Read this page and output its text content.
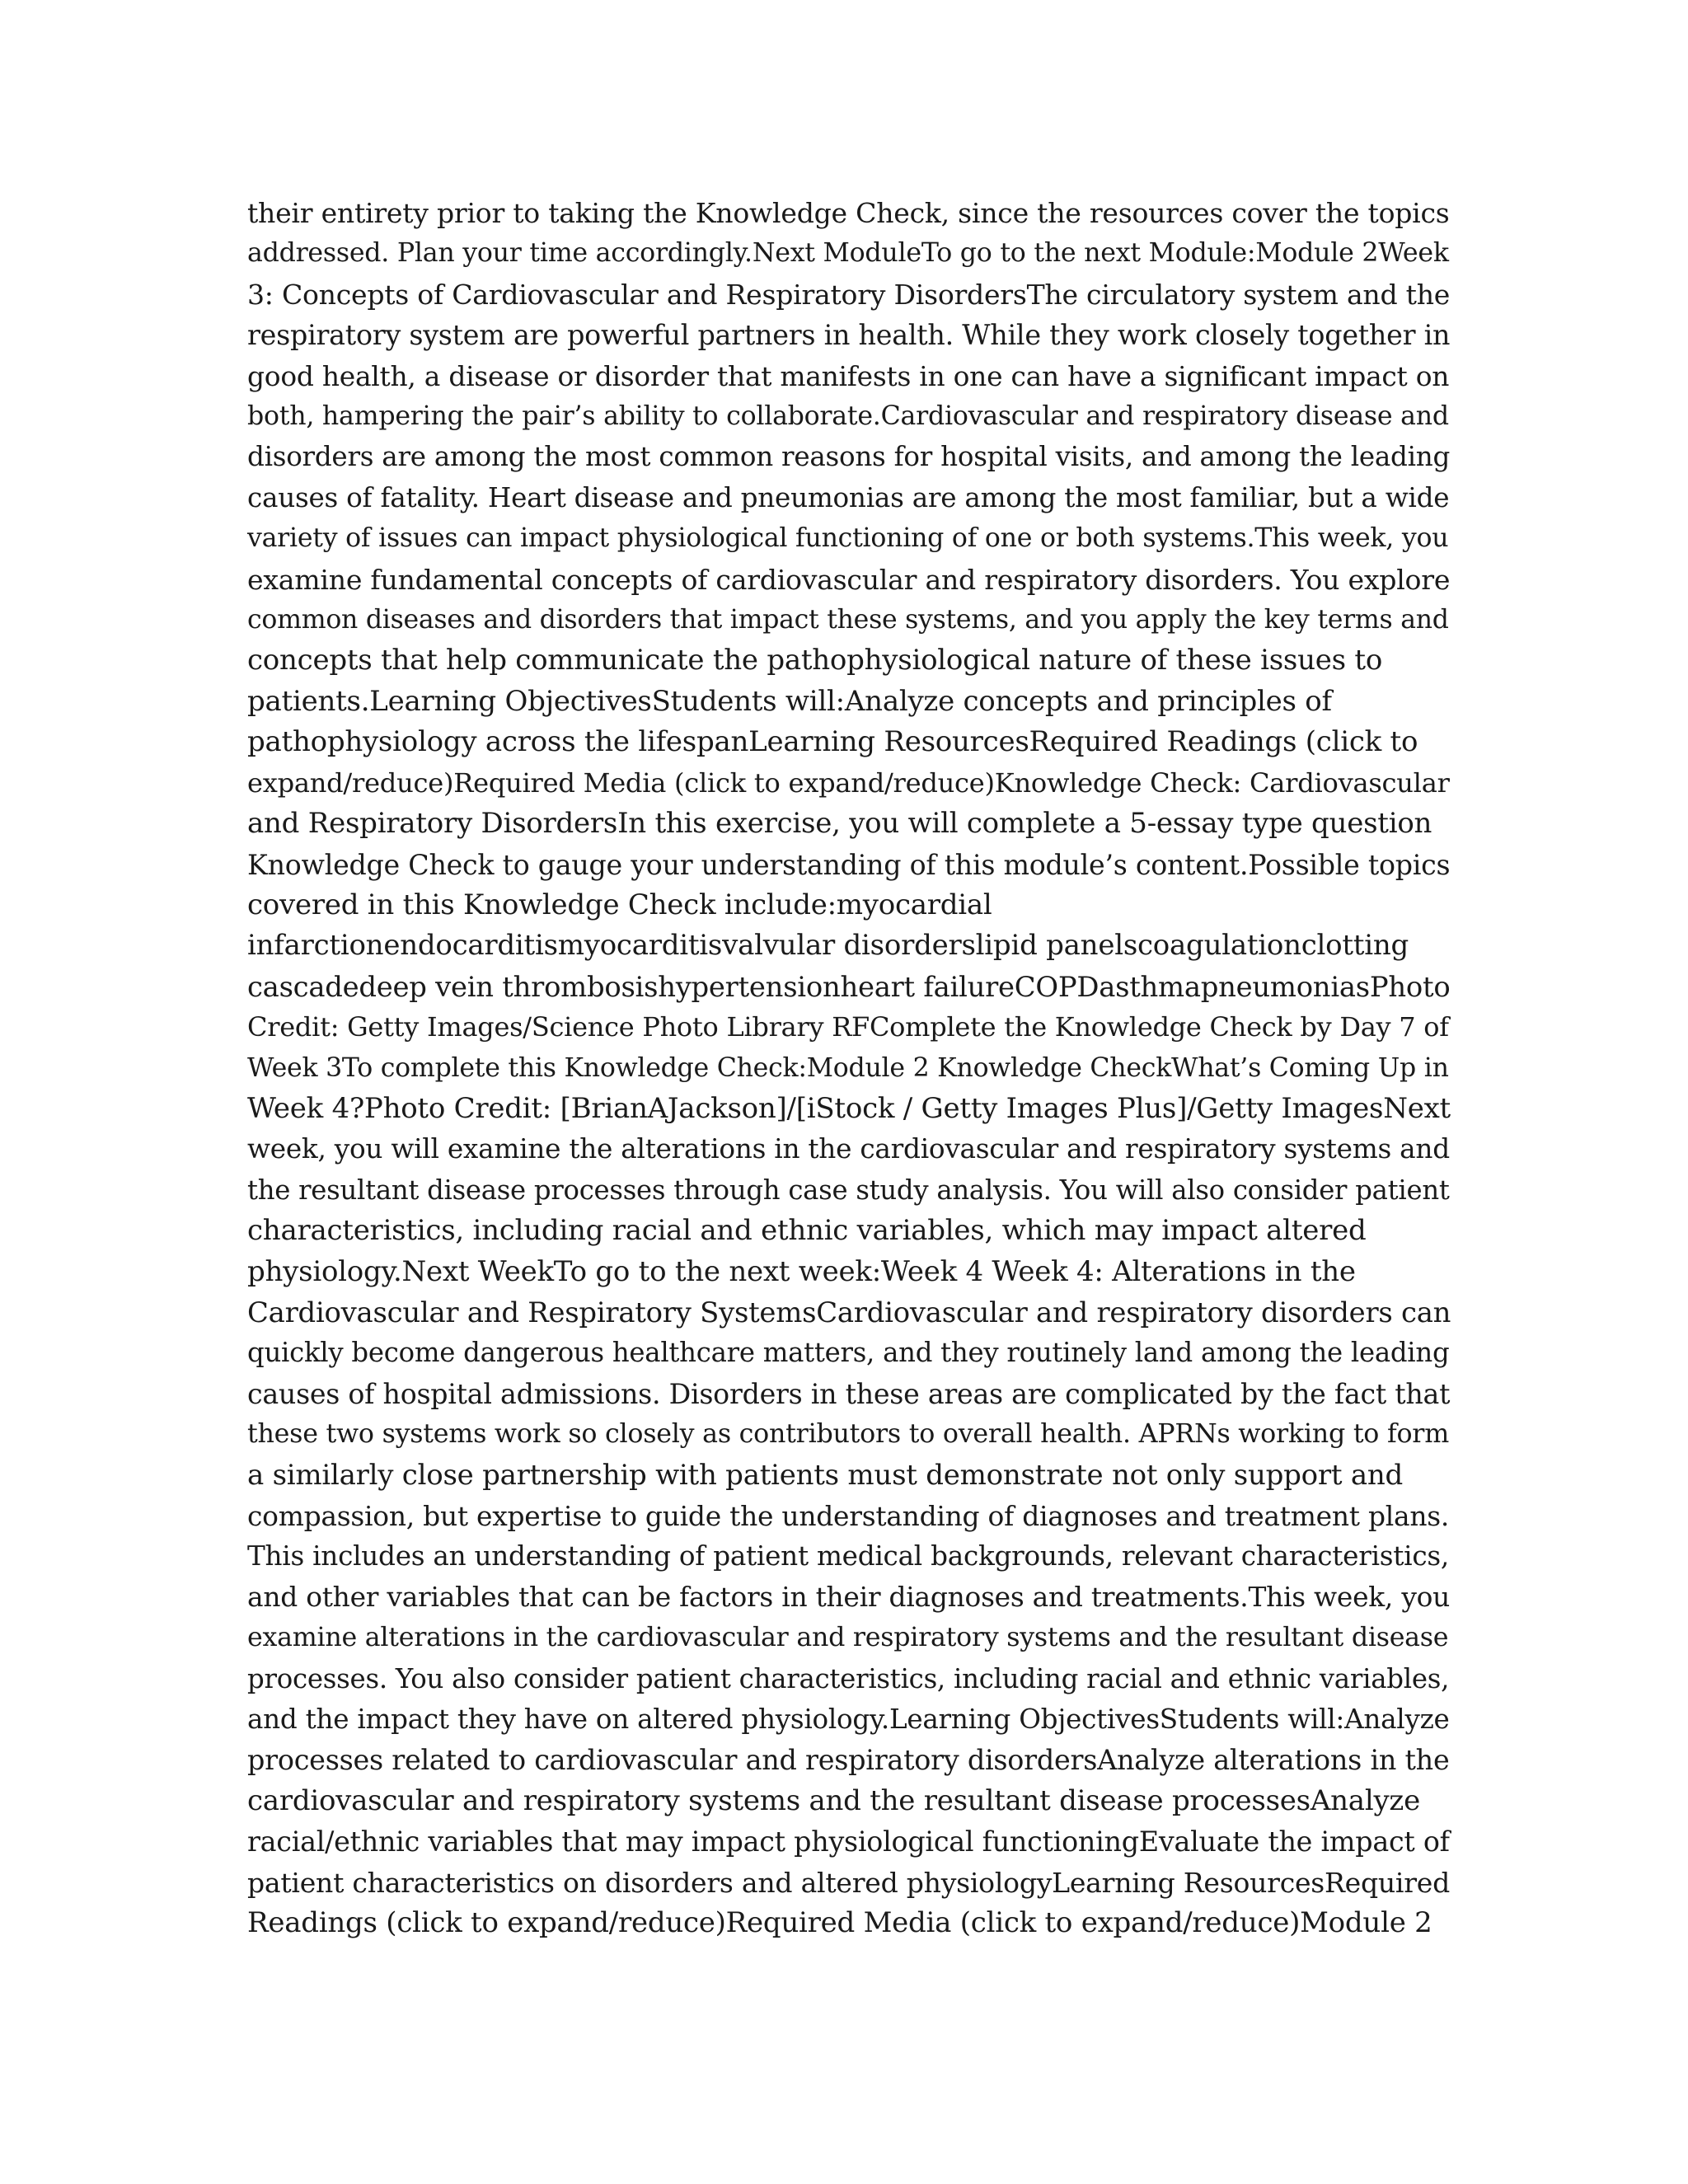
their entirety prior to taking the Knowledge Check, since the resources cover the topics
addressed. Plan your time accordingly.Next ModuleTo go to the next Module:Module 2Week
3: Concepts of Cardiovascular and Respiratory DisordersThe circulatory system and the
respiratory system are powerful partners in health. While they work closely together in
good health, a disease or disorder that manifests in one can have a significant impact on
both, hampering the pair’s ability to collaborate.Cardiovascular and respiratory disease and
disorders are among the most common reasons for hospital visits, and among the leading
causes of fatality. Heart disease and pneumonias are among the most familiar, but a wide
variety of issues can impact physiological functioning of one or both systems.This week, you
examine fundamental concepts of cardiovascular and respiratory disorders. You explore
common diseases and disorders that impact these systems, and you apply the key terms and
concepts that help communicate the pathophysiological nature of these issues to
patients.Learning ObjectivesStudents will:Analyze concepts and principles of
pathophysiology across the lifespanLearning ResourcesRequired Readings (click to
expand/reduce)Required Media (click to expand/reduce)Knowledge Check: Cardiovascular
and Respiratory DisordersIn this exercise, you will complete a 5-essay type question
Knowledge Check to gauge your understanding of this module’s content.Possible topics
covered in this Knowledge Check include:myocardial
infarctionendocarditismyocarditisvalvular disorderslipid panelscoagulationclotting
cascadedeep vein thrombosishypertensionheart failureCOPDasthmapneumoniasPhoto
Credit: Getty Images/Science Photo Library RFComplete the Knowledge Check by Day 7 of
Week 3To complete this Knowledge Check:Module 2 Knowledge CheckWhat’s Coming Up in
Week 4?Photo Credit: [BrianAJackson]/[iStock / Getty Images Plus]/Getty ImagesNext
week, you will examine the alterations in the cardiovascular and respiratory systems and
the resultant disease processes through case study analysis. You will also consider patient
characteristics, including racial and ethnic variables, which may impact altered
physiology.Next WeekTo go to the next week:Week 4 Week 4: Alterations in the
Cardiovascular and Respiratory SystemsCardiovascular and respiratory disorders can
quickly become dangerous healthcare matters, and they routinely land among the leading
causes of hospital admissions. Disorders in these areas are complicated by the fact that
these two systems work so closely as contributors to overall health. APRNs working to form
a similarly close partnership with patients must demonstrate not only support and
compassion, but expertise to guide the understanding of diagnoses and treatment plans.
This includes an understanding of patient medical backgrounds, relevant characteristics,
and other variables that can be factors in their diagnoses and treatments.This week, you
examine alterations in the cardiovascular and respiratory systems and the resultant disease
processes. You also consider patient characteristics, including racial and ethnic variables,
and the impact they have on altered physiology.Learning ObjectivesStudents will:Analyze
processes related to cardiovascular and respiratory disordersAnalyze alterations in the
cardiovascular and respiratory systems and the resultant disease processesAnalyze
racial/ethnic variables that may impact physiological functioningEvaluate the impact of
patient characteristics on disorders and altered physiologyLearning ResourcesRequired
Readings (click to expand/reduce)Required Media (click to expand/reduce)Module 2
